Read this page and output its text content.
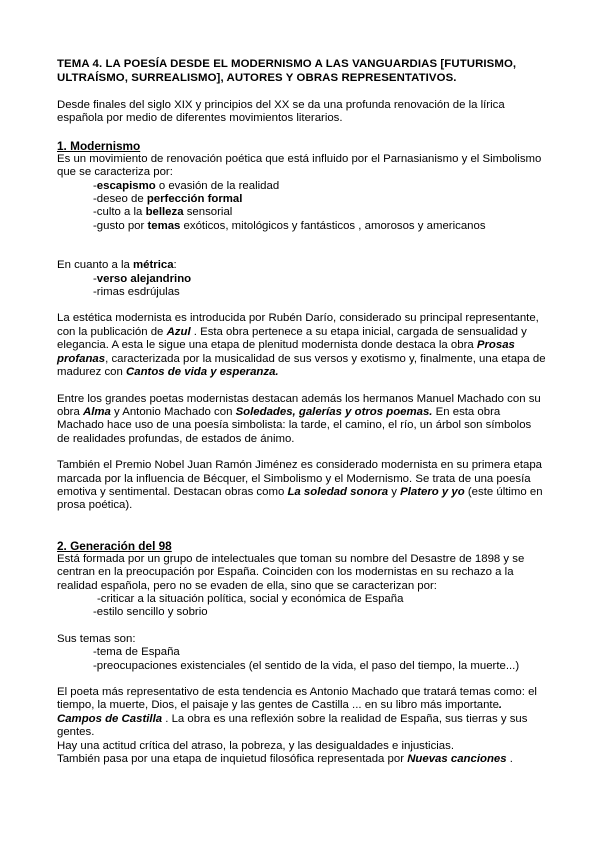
TEMA 4. LA POESÍA DESDE EL MODERNISMO A LAS VANGUARDIAS [FUTURISMO, ULTRAÍSMO, SURREALISMO], AUTORES Y OBRAS REPRESENTATIVOS.

Desde finales del siglo XIX y principios del XX se da una profunda renovación de la lírica española por medio de diferentes movimientos literarios.

1. Modernismo

Es un movimiento de renovación poética que está influido por el Parnasianismo y el Simbolismo que se caracteriza por:

-escapismo o evasión de la realidad

-deseo de perfección formal

-culto a la belleza sensorial

-gusto por temas exóticos, mitológicos y fantásticos , amorosos y americanos

En cuanto a la métrica:

-verso alejandrino

-rimas esdrújulas

La estética modernista es introducida por Rubén Darío, considerado su principal representante, con la publicación de Azul . Esta obra pertenece a su etapa inicial, cargada de sensualidad y elegancia. A esta le sigue una etapa de plenitud modernista donde destaca la obra Prosas profanas, caracterizada por la musicalidad de sus versos y exotismo y, finalmente, una etapa de madurez con Cantos de vida y esperanza.

Entre los grandes poetas modernistas destacan además los hermanos Manuel Machado con su obra Alma y Antonio Machado con Soledades, galerías y otros poemas. En esta obra Machado hace uso de una poesía simbolista: la tarde, el camino, el río, un árbol son símbolos de realidades profundas, de estados de ánimo.

También el Premio Nobel Juan Ramón Jiménez es considerado modernista en su primera etapa marcada por la influencia de Bécquer, el Simbolismo y el Modernismo. Se trata de una poesía emotiva y sentimental. Destacan obras como La soledad sonora y Platero y yo (este último en prosa poética).

2. Generación del 98

Está formada por un grupo de intelectuales que toman su nombre del Desastre de 1898 y se centran en la preocupación por España. Coinciden con los modernistas en su rechazo a la realidad española, pero no se evaden de ella, sino que se caracterizan por:

-criticar a la situación política, social y económica de España

-estilo sencillo y sobrio

Sus temas son:

-tema de España

-preocupaciones existenciales (el sentido de la vida, el paso del tiempo, la muerte...)

El poeta más representativo de esta tendencia es Antonio Machado que tratará temas como: el tiempo, la muerte, Dios, el paisaje y las gentes de Castilla ... en su libro más importante. Campos de Castilla . La obra es una reflexión sobre la realidad de España, sus tierras y sus gentes.
Hay una actitud crítica del atraso, la pobreza, y las desigualdades e injusticias.
También pasa por una etapa de inquietud filosófica representada por Nuevas canciones .
